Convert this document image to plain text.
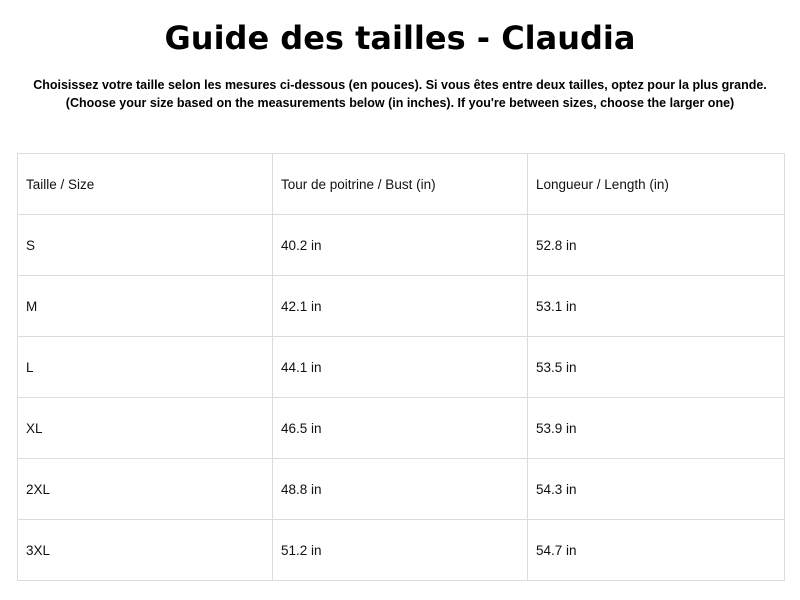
Guide des tailles - Claudia

Choisissez votre taille selon les mesures ci-dessous (en pouces). Si vous êtes entre deux tailles, optez pour la plus grande.

(Choose your size based on the measurements below (in inches). If you're between sizes, choose the larger one)

Taille / Size	Tour de poitrine / Bust (in)	Longueur / Length (in)
S	40.2 in	52.8 in
M	42.1 in	53.1 in
L	44.1 in	53.5 in
XL	46.5 in	53.9 in
2XL	48.8 in	54.3 in
3XL	51.2 in	54.7 in
